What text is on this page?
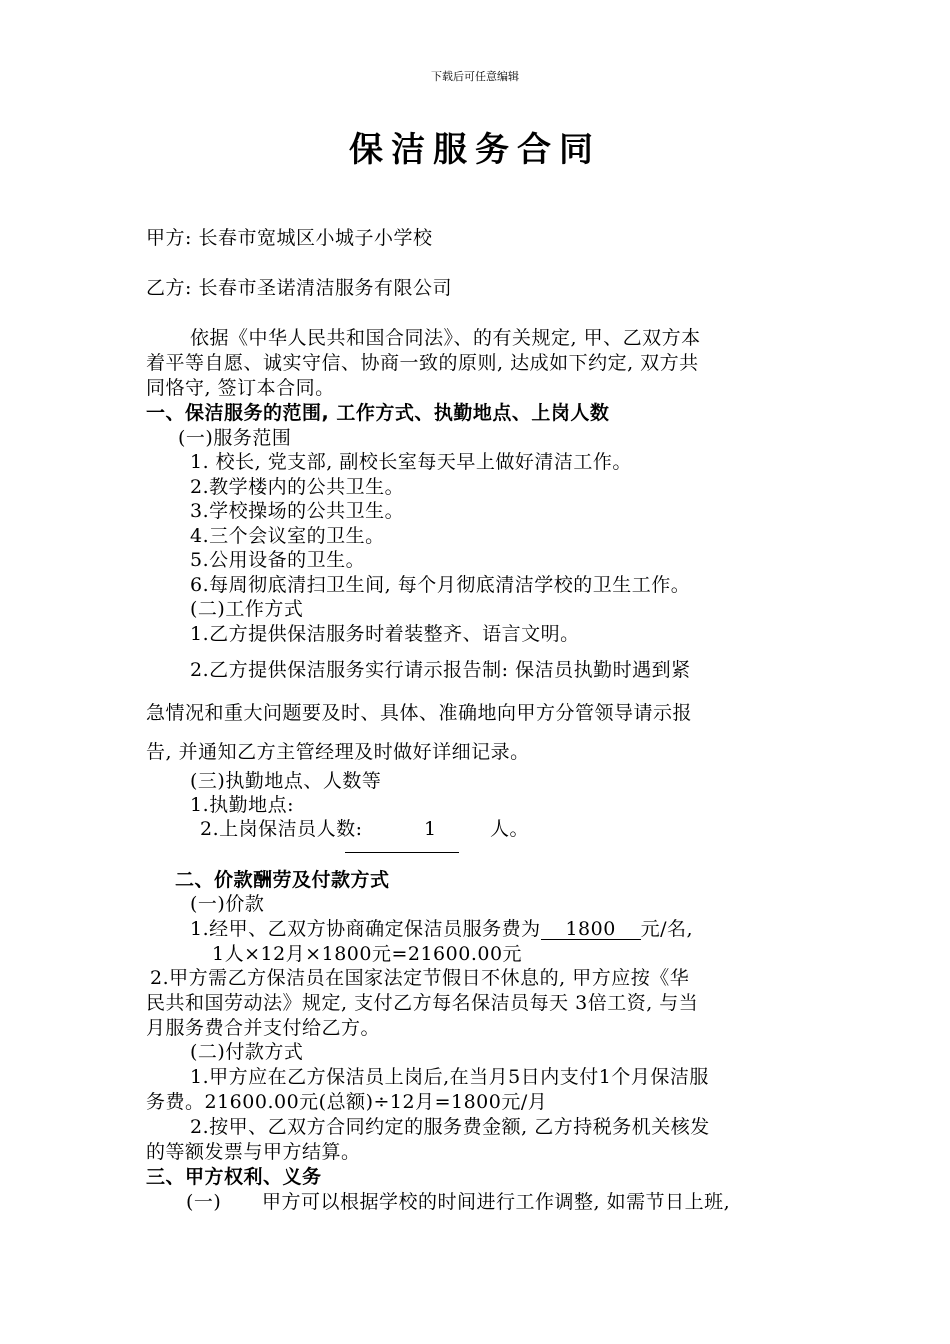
下载后可任意编辑
保洁服务合同
甲方: 长春市宽城区小城子小学校
乙方: 长春市圣诺清洁服务有限公司
依据《中华人民共和国合同法》、的有关规定, 甲、乙双方本
着平等自愿、诚实守信、协商一致的原则, 达成如下约定, 双方共
同恪守, 签订本合同。
一、保洁服务的范围, 工作方式、执勤地点、上岗人数
(一)服务范围
1. 校长, 党支部, 副校长室每天早上做好清洁工作。
2.教学楼内的公共卫生。
3.学校操场的公共卫生。
4.三个会议室的卫生。
5.公用设备的卫生。
6.每周彻底清扫卫生间, 每个月彻底清洁学校的卫生工作。
(二)工作方式
1.乙方提供保洁服务时着装整齐、语言文明。
2.乙方提供保洁服务实行请示报告制: 保洁员执勤时遇到紧
急情况和重大问题要及时、具体、准确地向甲方分管领导请示报
告, 并通知乙方主管经理及时做好详细记录。
(三)执勤地点、人数等
1.执勤地点:
2.上岗保洁员人数:	1	人。
二、价款酬劳及付款方式
(一)价款
1.经甲、乙双方协商确定保洁员服务费为 1800 元/名,
1人×12月×1800元=21600.00元
2.甲方需乙方保洁员在国家法定节假日不休息的, 甲方应按《华
民共和国劳动法》规定, 支付乙方每名保洁员每天 3倍工资, 与当
月服务费合并支付给乙方。
(二)付款方式
1.甲方应在乙方保洁员上岗后,在当月5日内支付1个月保洁服
务费。21600.00元(总额)÷12月=1800元/月
2.按甲、乙双方合同约定的服务费金额, 乙方持税务机关核发
的等额发票与甲方结算。
三、甲方权利、义务
(一) 甲方可以根据学校的时间进行工作调整, 如需节日上班,
